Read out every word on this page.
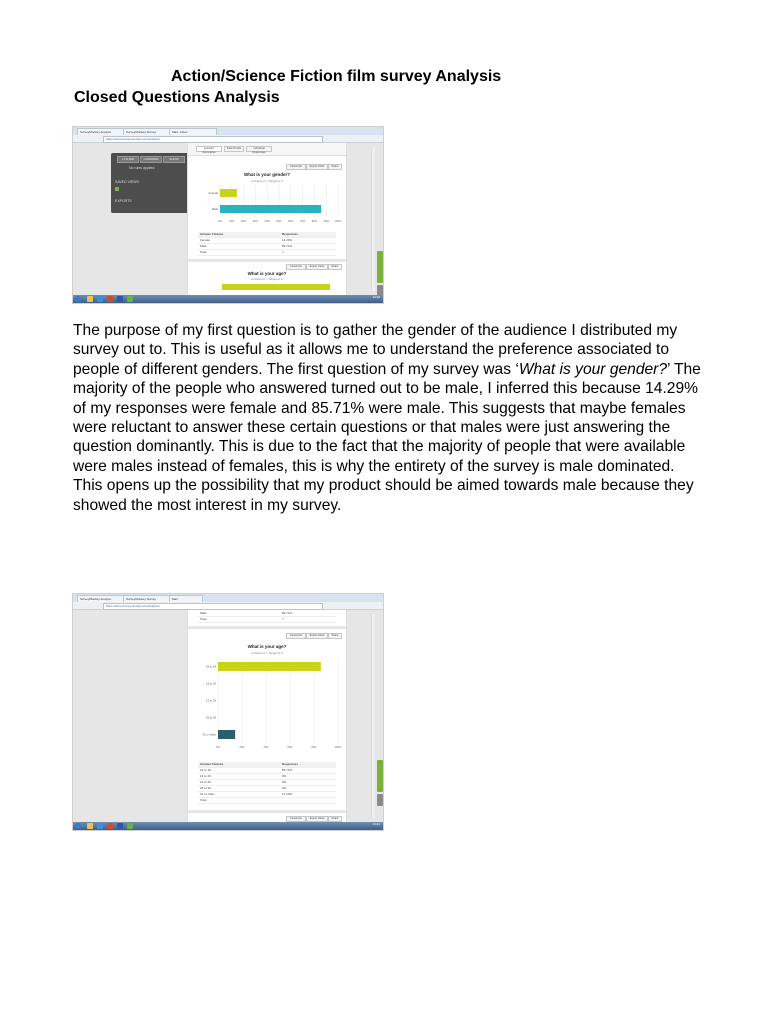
Action/Science Fiction film survey Analysis
Closed Questions Analysis

The purpose of my first question is to gather the gender of the audience I distributed my survey out to. This is useful as it allows me to understand the preference associated to people of different genders. The first question of my survey was ‘What is your gender?’ The majority of the people who answered turned out to be male, I inferred this because 14.29% of my responses were female and 85.71% were male. This suggests that maybe females were reluctant to answer these certain questions or that males were just answering the question dominantly. This is due to the fact that the majority of people that were available were males instead of females, this is why the entirety of the survey is male dominated. This opens up the possibility that my product should be aimed towards male because they showed the most interest in my survey.

SurveyMonkey Analyze	SurveyMonkey Survey	Mail - Inbox
https://www.surveymonkey.com/analyze/
+ FILTER	COMPARE	SHOW
No rules applied.
SAVED VIEWS
EXPORTS
Question Summaries
Data Trends	Individual Responses
Customize	Export Chart	Share
What is your gender?
Answered: 7 Skipped: 0
0%	10%	20%	30%	40%	50%	60%	70%	80%	90% 100%
Female
Male
Answer Choices	Responses
Female	14.29%
Male	85.71%
Total	7
Customize	Export Chart	Share
What is your age?
Answered: 7 Skipped: 0
14:20
SurveyMonkey Analyze	SurveyMonkey Survey	Mail
https://www.surveymonkey.com/analyze/
Male	85.71%
Total	7
Customize	Export Chart	Share
What is your age?
Answered: 7 Skipped: 0
0%	20%	40%	60%	80%	100%
16 to 18
19 to 20
21 to 25
25 to 30
31 or older
Answer Choices	Responses
16 to 18	85.71%
19 to 20	0%
21 to 25	0%
25 to 30	0%
31 or older	14.29%
Total
Customize	Export Chart	Share
14:22
